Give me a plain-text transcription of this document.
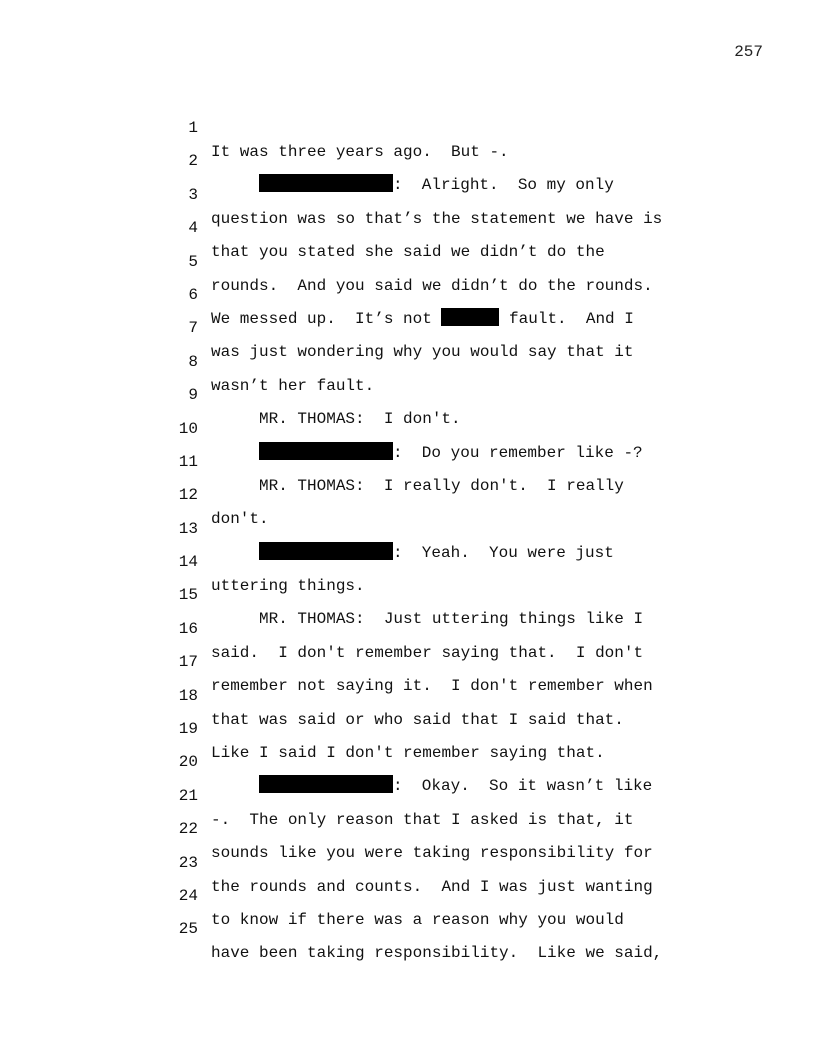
257

1

It was three years ago.  But -.

2

:  Alright.  So my only

3

question was so that’s the statement we have is

4

that you stated she said we didn’t do the

5

rounds.  And you said we didn’t do the rounds.

6

We messed up.  It’s not	fault.  And I

7

was just wondering why you would say that it

8

wasn’t her fault.

9

MR. THOMAS:  I don't.

10

:  Do you remember like -?

11

MR. THOMAS:  I really don't.  I really

12

don't.

13

:  Yeah.  You were just

14

uttering things.

15

MR. THOMAS:  Just uttering things like I

16

said.  I don't remember saying that.  I don't

17

remember not saying it.  I don't remember when

18

that was said or who said that I said that.

19

Like I said I don't remember saying that.

20

:  Okay.  So it wasn’t like

21

-.  The only reason that I asked is that, it

22

sounds like you were taking responsibility for

23

the rounds and counts.  And I was just wanting

24

to know if there was a reason why you would

25

have been taking responsibility.  Like we said,
